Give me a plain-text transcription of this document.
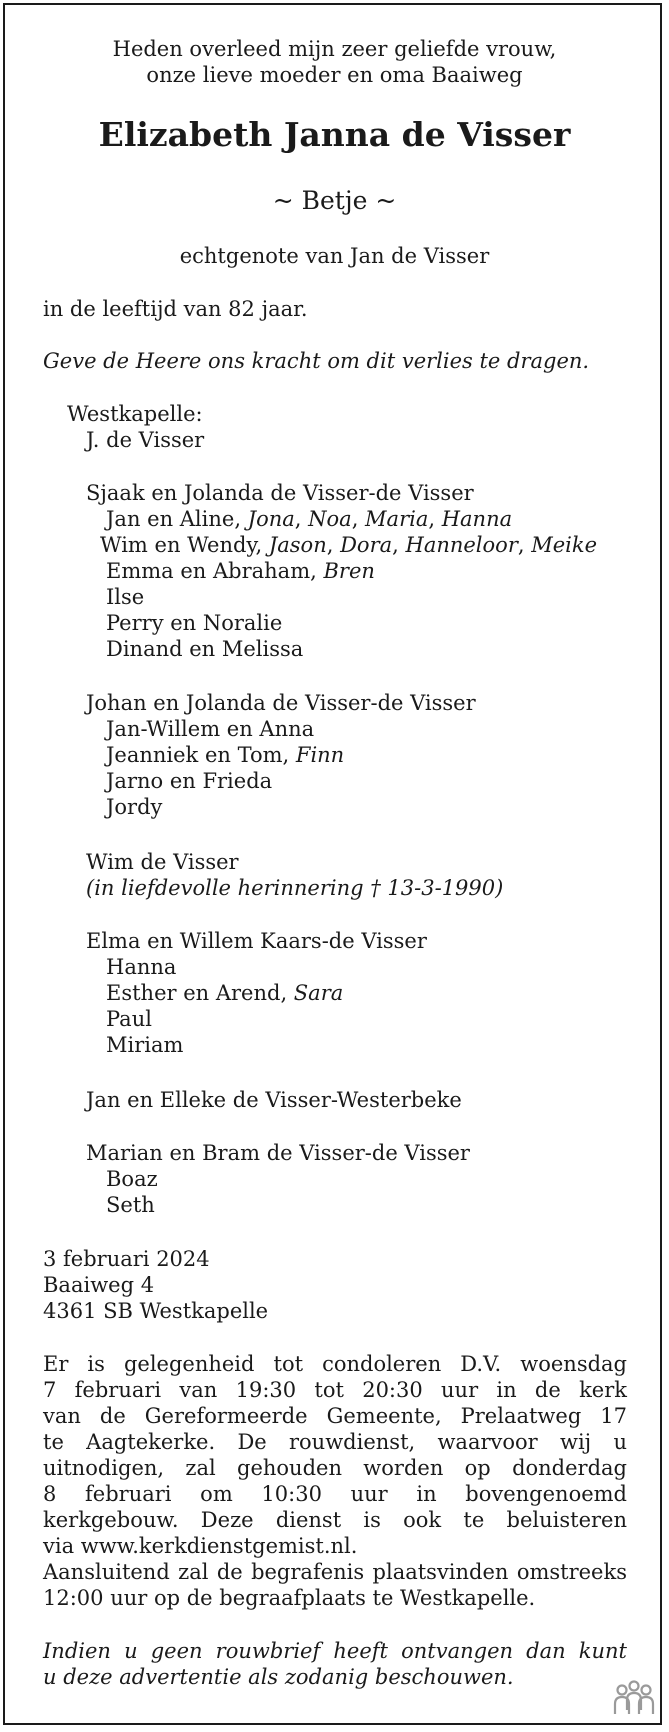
Heden overleed mijn zeer geliefde vrouw,

onze lieve moeder en oma Baaiweg

Elizabeth Janna de Visser

~ Betje ~

echtgenote van Jan de Visser

in de leeftijd van 82 jaar.

Geve de Heere ons kracht om dit verlies te dragen.

Westkapelle:

J. de Visser

Sjaak en Jolanda de Visser-de Visser

Jan en Aline, Jona, Noa, Maria, Hanna

Wim en Wendy, Jason, Dora, Hanneloor, Meike

Emma en Abraham, Bren

Ilse

Perry en Noralie

Dinand en Melissa

Johan en Jolanda de Visser-de Visser

Jan-Willem en Anna

Jeanniek en Tom, Finn

Jarno en Frieda

Jordy

Wim de Visser

(in liefdevolle herinnering † 13-3-1990)

Elma en Willem Kaars-de Visser

Hanna

Esther en Arend, Sara

Paul

Miriam

Jan en Elleke de Visser-Westerbeke

Marian en Bram de Visser-de Visser

Boaz

Seth

3 februari 2024

Baaiweg 4

4361 SB Westkapelle

Er is gelegenheid tot condoleren D.V. woensdag

7 februari van 19:30 tot 20:30 uur in de kerk

van de Gereformeerde Gemeente, Prelaatweg 17

te Aagtekerke. De rouwdienst, waarvoor wij u

uitnodigen, zal gehouden worden op donderdag

8 februari om 10:30 uur in bovengenoemd

kerkgebouw. Deze dienst is ook te beluisteren

via www.kerkdienstgemist.nl.

Aansluitend zal de begrafenis plaatsvinden omstreeks

12:00 uur op de begraafplaats te Westkapelle.

Indien u geen rouwbrief heeft ontvangen dan kunt

u deze advertentie als zodanig beschouwen.
